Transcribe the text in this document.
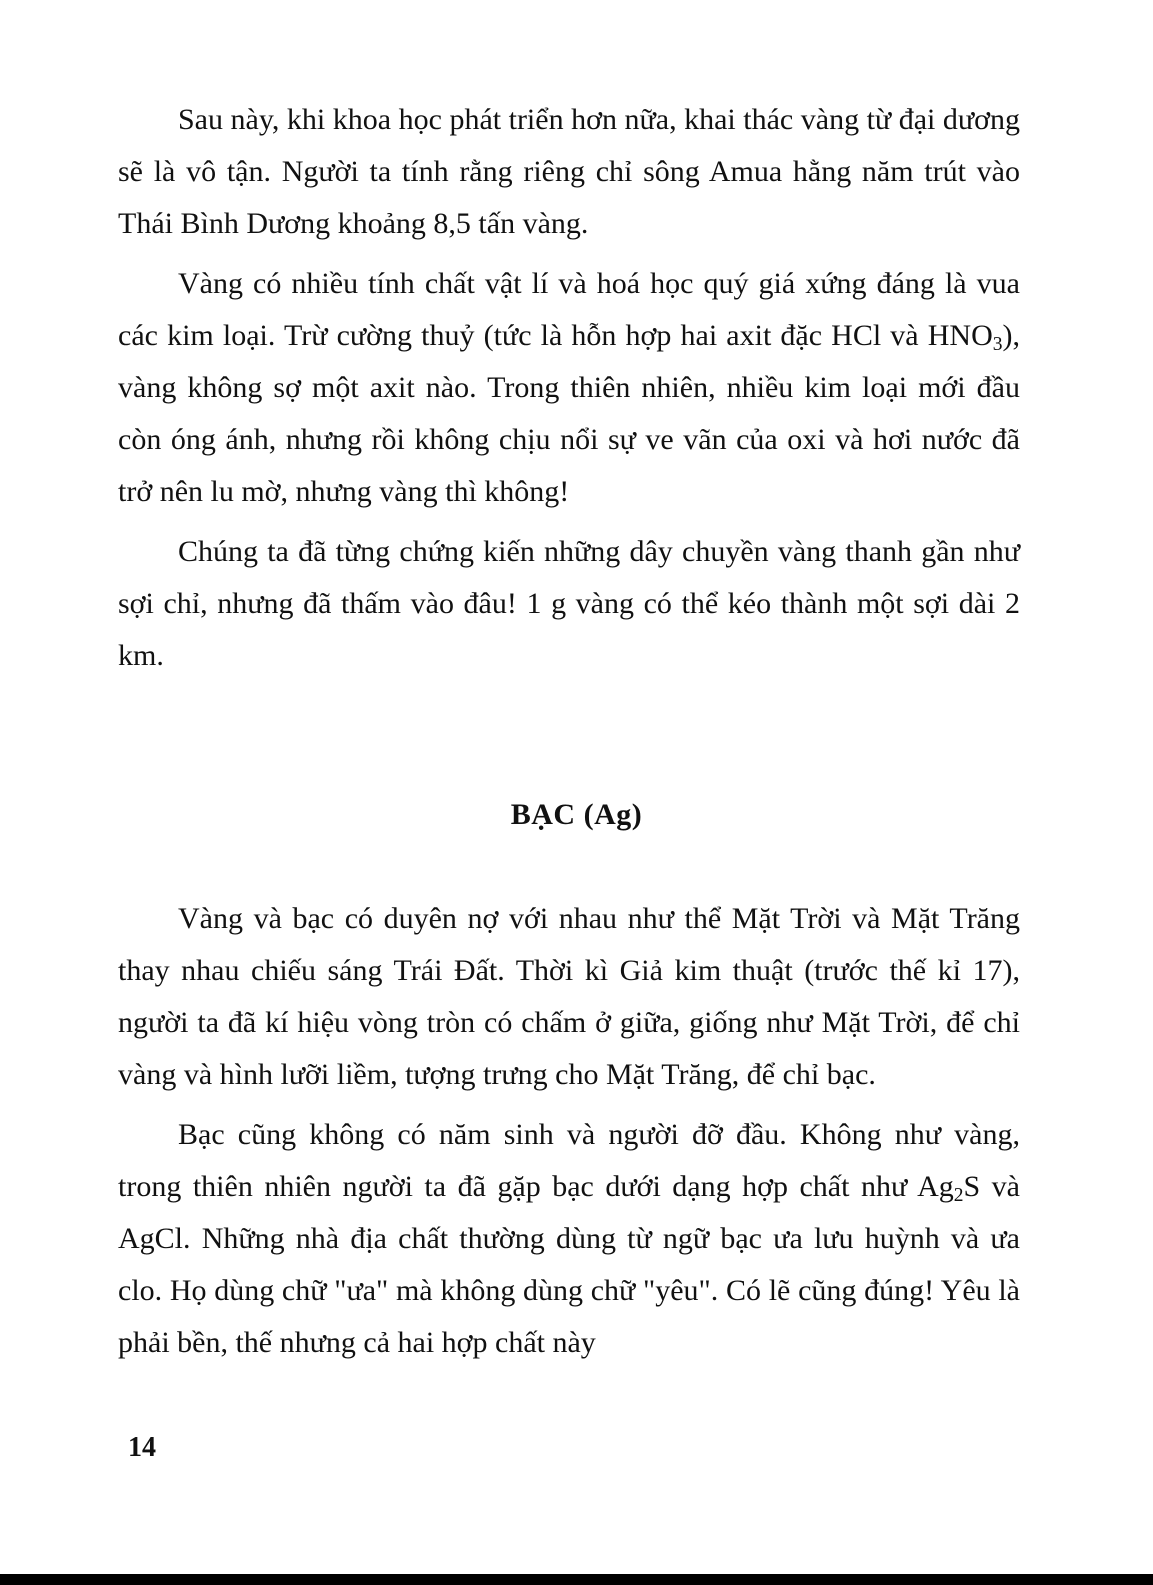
Sau này, khi khoa học phát triển hơn nữa, khai thác vàng từ đại dương sẽ là vô tận. Người ta tính rằng riêng chỉ sông Amua hằng năm trút vào Thái Bình Dương khoảng 8,5 tấn vàng.

Vàng có nhiều tính chất vật lí và hoá học quý giá xứng đáng là vua các kim loại. Trừ cường thuỷ (tức là hỗn hợp hai axit đặc HCl và $HNO_3$), vàng không sợ một axit nào. Trong thiên nhiên, nhiều kim loại mới đầu còn óng ánh, nhưng rồi không chịu nổi sự ve vãn của oxi và hơi nước đã trở nên lu mờ, nhưng vàng thì không!

Chúng ta đã từng chứng kiến những dây chuyền vàng thanh gần như sợi chỉ, nhưng đã thấm vào đâu! 1 g vàng có thể kéo thành một sợi dài 2 km.

BẠC (Ag)

Vàng và bạc có duyên nợ với nhau như thể Mặt Trời và Mặt Trăng thay nhau chiếu sáng Trái Đất. Thời kì Giả kim thuật (trước thế kỉ 17), người ta đã kí hiệu vòng tròn có chấm ở giữa, giống như Mặt Trời, để chỉ vàng và hình lưỡi liềm, tượng trưng cho Mặt Trăng, để chỉ bạc.

Bạc cũng không có năm sinh và người đỡ đầu. Không như vàng, trong thiên nhiên người ta đã gặp bạc dưới dạng hợp chất như $Ag_2S$ và AgCl. Những nhà địa chất thường dùng từ ngữ bạc ưa lưu huỳnh và ưa clo. Họ dùng chữ "ưa" mà không dùng chữ "yêu". Có lẽ cũng đúng! Yêu là phải bền, thế nhưng cả hai hợp chất này

14
